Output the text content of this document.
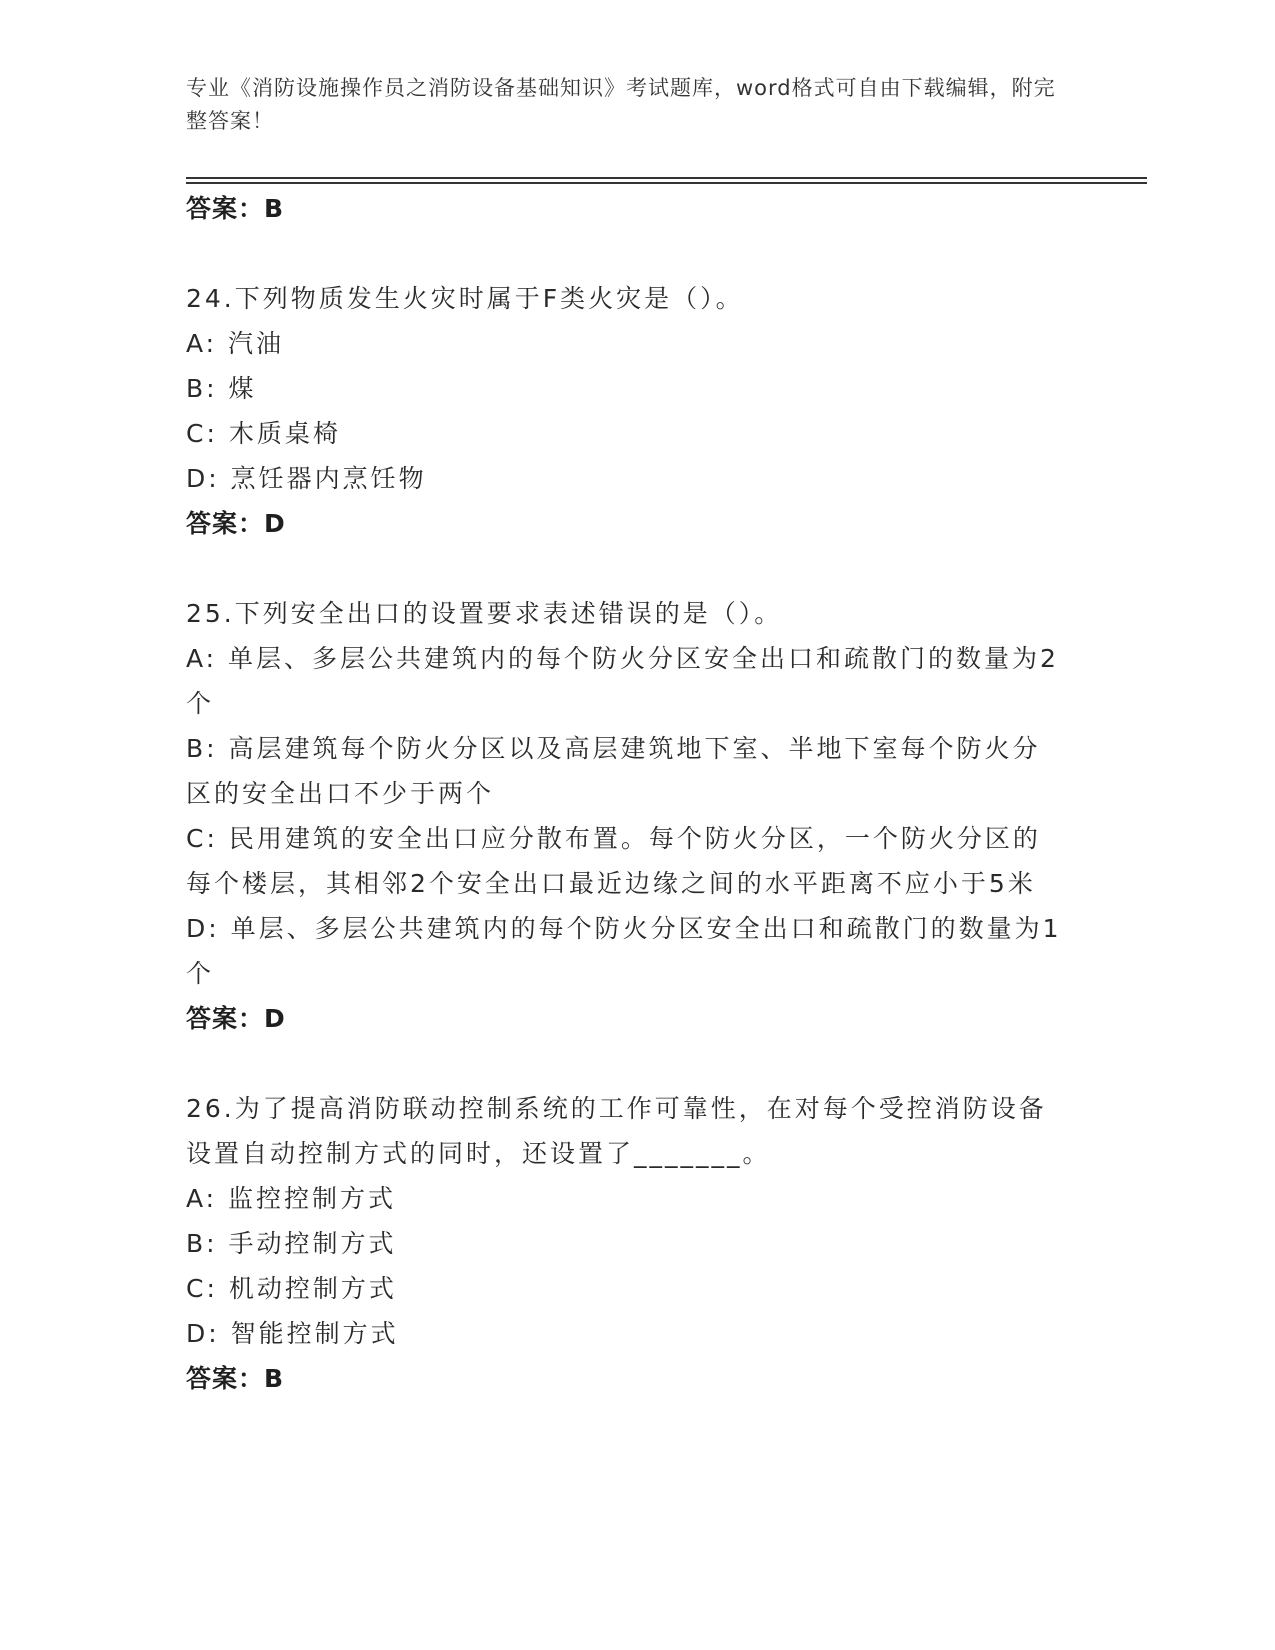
专业《消防设施操作员之消防设备基础知识》考试题库，word格式可自由下载编辑，附完整答案！
答案：B
24.下列物质发生火灾时属于F类火灾是（）。
A: 汽油
B: 煤
C: 木质桌椅
D: 烹饪器内烹饪物
答案：D
25.下列安全出口的设置要求表述错误的是（）。
A: 单层、多层公共建筑内的每个防火分区安全出口和疏散门的数量为2个
B: 高层建筑每个防火分区以及高层建筑地下室、半地下室每个防火分区的安全出口不少于两个
C: 民用建筑的安全出口应分散布置。每个防火分区，一个防火分区的每个楼层，其相邻2个安全出口最近边缘之间的水平距离不应小于5米
D: 单层、多层公共建筑内的每个防火分区安全出口和疏散门的数量为1个
答案：D
26.为了提高消防联动控制系统的工作可靠性，在对每个受控消防设备设置自动控制方式的同时，还设置了_______。
A: 监控控制方式
B: 手动控制方式
C: 机动控制方式
D: 智能控制方式
答案：B
